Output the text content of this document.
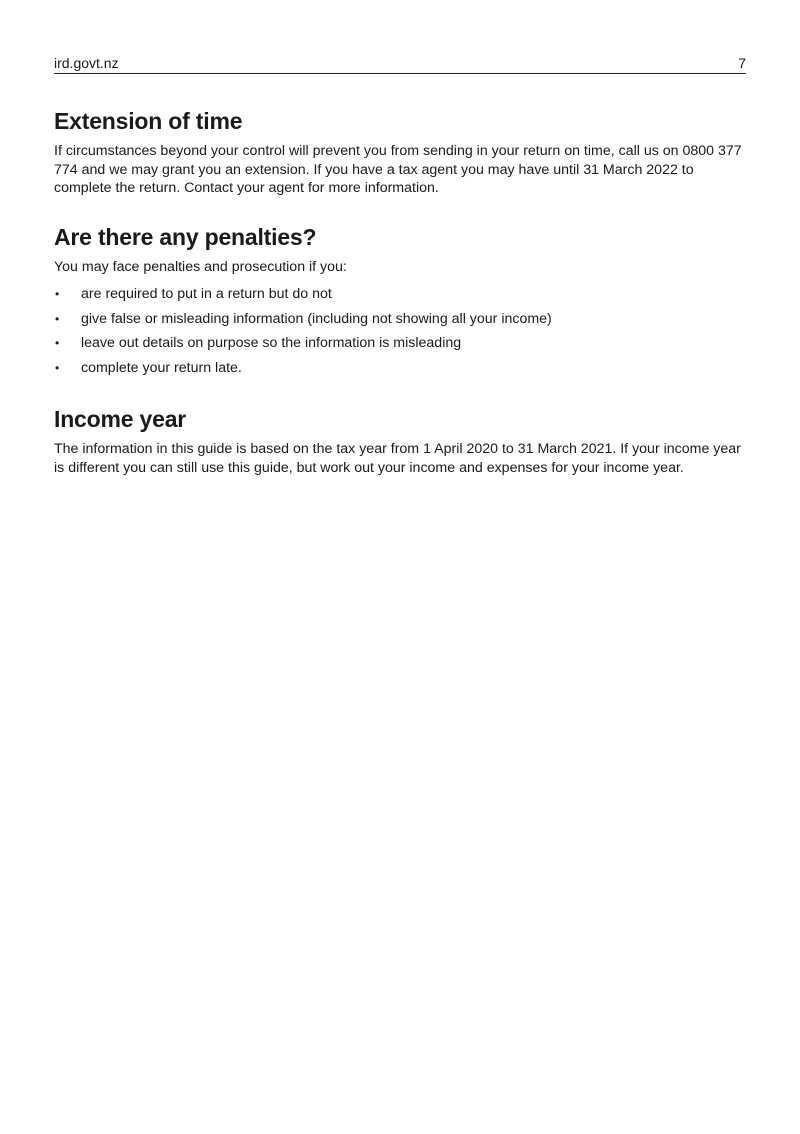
ird.govt.nz	7
Extension of time

If circumstances beyond your control will prevent you from sending in your return on time, call us on 0800 377 774 and we may grant you an extension. If you have a tax agent you may have until 31 March 2022 to complete the return. Contact your agent for more information.

Are there any penalties?

You may face penalties and prosecution if you:

• are required to put in a return but do not
• give false or misleading information (including not showing all your income)
• leave out details on purpose so the information is misleading
• complete your return late.
Income year

The information in this guide is based on the tax year from 1 April 2020 to 31 March 2021. If your income year is different you can still use this guide, but work out your income and expenses for your income year.
